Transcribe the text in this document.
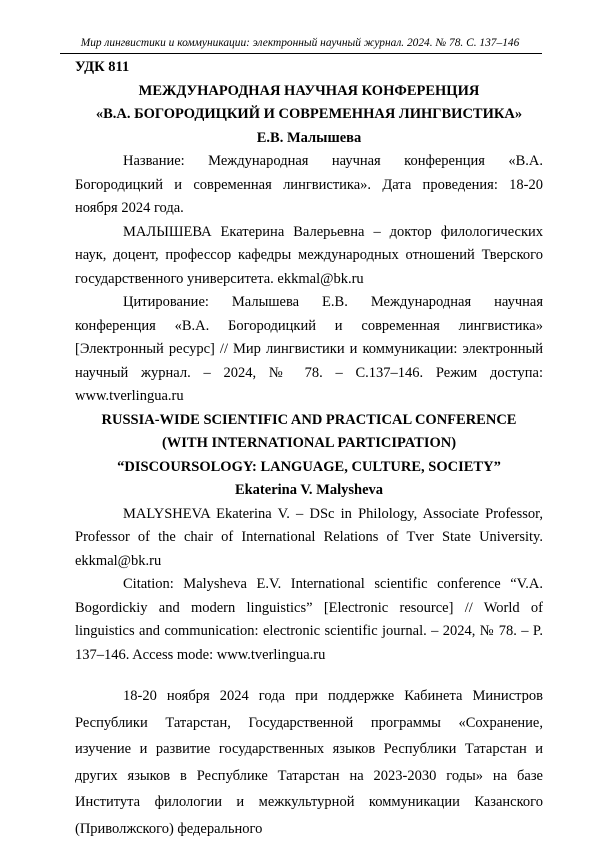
Мир лингвистики и коммуникации: электронный научный журнал. 2024. № 78. С. 137–146

УДК 811

МЕЖДУНАРОДНАЯ НАУЧНАЯ КОНФЕРЕНЦИЯ

«В.А. БОГОРОДИЦКИЙ И СОВРЕМЕННАЯ ЛИНГВИСТИКА»

Е.В. Малышева

Название: Международная научная конференция «В.А. Богородицкий и современная лингвистика». Дата проведения: 18-20 ноября 2024 года.

МАЛЫШЕВА Екатерина Валерьевна – доктор филологических наук, доцент, профессор кафедры международных отношений Тверского государственного университета. ekkmal@bk.ru

Цитирование: Малышева Е.В. Международная научная конференция «В.А. Богородицкий и современная лингвистика» [Электронный ресурс] // Мир лингвистики и коммуникации: электронный научный журнал. – 2024, № 78. – С.137–146. Режим доступа: www.tverlingua.ru

RUSSIA-WIDE SCIENTIFIC AND PRACTICAL CONFERENCE

(WITH INTERNATIONAL PARTICIPATION)

“DISCOURSOLOGY: LANGUAGE, CULTURE, SOCIETY”

Ekaterina V. Malysheva

MALYSHEVA Ekaterina V. – DSc in Philology, Associate Professor, Professor of the chair of International Relations of Tver State University. ekkmal@bk.ru

Citation: Malysheva E.V. International scientific conference “V.A. Bogordickiy and modern linguistics” [Electronic resource] // World of linguistics and communication: electronic scientific journal. – 2024, № 78. – P. 137–146. Access mode: www.tverlingua.ru

18-20 ноября 2024 года при поддержке Кабинета Министров Республики Татарстан, Государственной программы «Сохранение, изучение и развитие государственных языков Республики Татарстан и других языков в Республике Татарстан на 2023-2030 годы» на базе Института филологии и межкультурной коммуникации Казанского (Приволжского) федерального
